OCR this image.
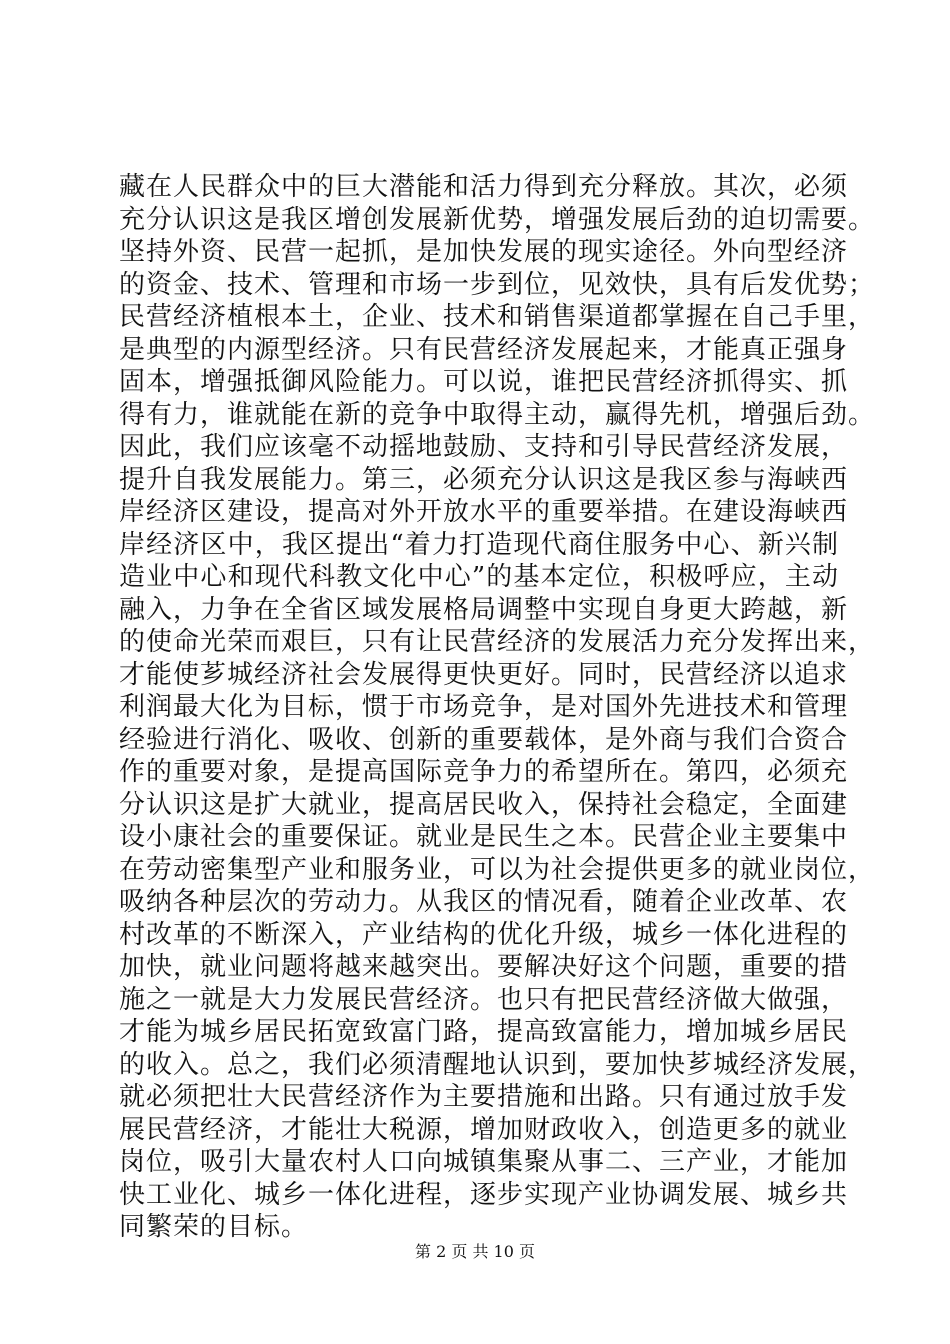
藏在人民群众中的巨大潜能和活力得到充分释放。其次，必须
充分认识这是我区增创发展新优势，增强发展后劲的迫切需要。
坚持外资、民营一起抓，是加快发展的现实途径。外向型经济
的资金、技术、管理和市场一步到位，见效快，具有后发优势；
民营经济植根本土，企业、技术和销售渠道都掌握在自己手里，
是典型的内源型经济。只有民营经济发展起来，才能真正强身
固本，增强抵御风险能力。可以说，谁把民营经济抓得实、抓
得有力，谁就能在新的竞争中取得主动，赢得先机，增强后劲。
因此，我们应该毫不动摇地鼓励、支持和引导民营经济发展，
提升自我发展能力。第三，必须充分认识这是我区参与海峡西
岸经济区建设，提高对外开放水平的重要举措。在建设海峡西
岸经济区中，我区提出“着力打造现代商住服务中心、新兴制
造业中心和现代科教文化中心”的基本定位，积极呼应，主动
融入，力争在全省区域发展格局调整中实现自身更大跨越，新
的使命光荣而艰巨，只有让民营经济的发展活力充分发挥出来，
才能使芗城经济社会发展得更快更好。同时，民营经济以追求
利润最大化为目标，惯于市场竞争，是对国外先进技术和管理
经验进行消化、吸收、创新的重要载体，是外商与我们合资合
作的重要对象，是提高国际竞争力的希望所在。第四，必须充
分认识这是扩大就业，提高居民收入，保持社会稳定，全面建
设小康社会的重要保证。就业是民生之本。民营企业主要集中
在劳动密集型产业和服务业，可以为社会提供更多的就业岗位，
吸纳各种层次的劳动力。从我区的情况看，随着企业改革、农
村改革的不断深入，产业结构的优化升级，城乡一体化进程的
加快，就业问题将越来越突出。要解决好这个问题，重要的措
施之一就是大力发展民营经济。也只有把民营经济做大做强，
才能为城乡居民拓宽致富门路，提高致富能力，增加城乡居民
的收入。总之，我们必须清醒地认识到，要加快芗城经济发展，
就必须把壮大民营经济作为主要措施和出路。只有通过放手发
展民营经济，才能壮大税源，增加财政收入，创造更多的就业
岗位，吸引大量农村人口向城镇集聚从事二、三产业，才能加
快工业化、城乡一体化进程，逐步实现产业协调发展、城乡共
同繁荣的目标。
第 2 页 共 10 页
